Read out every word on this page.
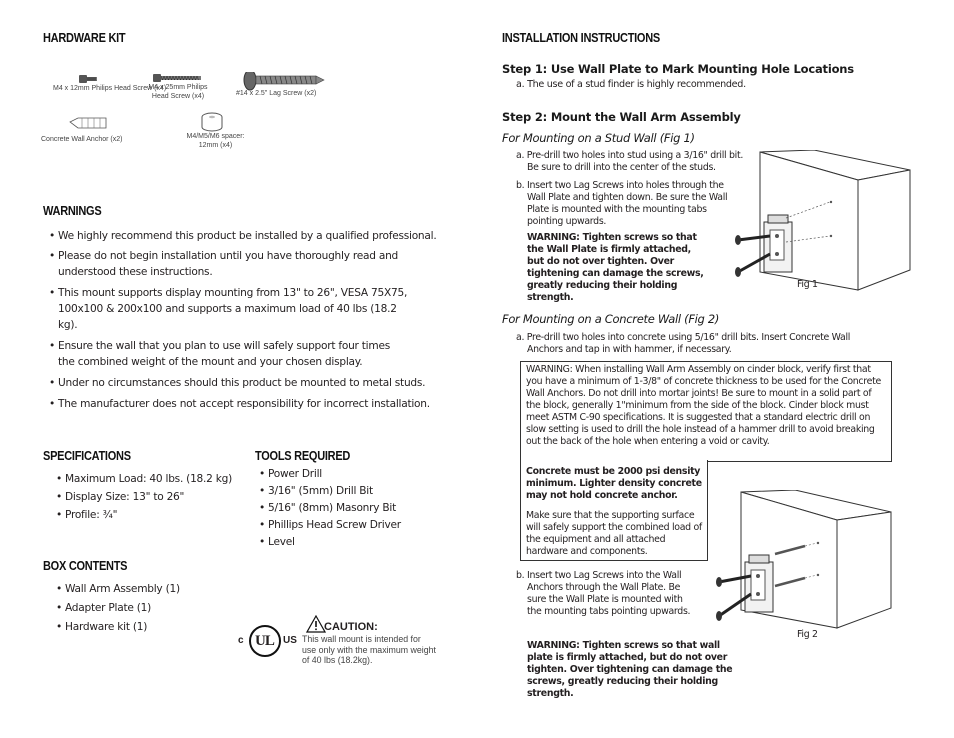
HARDWARE KIT
M4 x 12mm Philips Head Screw (x4)
M4 x 25mm Philips Head Screw (x4)	#14 x 2.5" Lag Screw (x2)
Concrete Wall Anchor (x2)	M4/M5/M6 spacer: 12mm (x4)
WARNINGS
• We highly recommend this product be installed by a qualified professional.
• Please do not begin installation until you have thoroughly read and understood these instructions.
• This mount supports display mounting from 13" to 26", VESA 75X75, 100x100 & 200x100 and supports a maximum load of 40 lbs (18.2 kg).
• Ensure the wall that you plan to use will safely support four times the combined weight of the mount and your chosen display.
• Under no circumstances should this product be mounted to metal studs.
• The manufacturer does not accept responsibility for incorrect installation.
SPECIFICATIONS
• Maximum Load: 40 lbs. (18.2 kg)
• Display Size: 13" to 26"
• Profile: ¾"
TOOLS REQUIRED
• Power Drill
• 3/16" (5mm) Drill Bit
• 5/16" (8mm) Masonry Bit
• Phillips Head Screw Driver
• Level
BOX CONTENTS
• Wall Arm Assembly (1)
• Adapter Plate (1)
• Hardware kit (1)
c UL US
CAUTION:
This wall mount is intended for use only with the maximum weight of 40 lbs (18.2kg).
INSTALLATION INSTRUCTIONS
Step 1: Use Wall Plate to Mark Mounting Hole Locations
a. The use of a stud finder is highly recommended.
Step 2: Mount the Wall Arm Assembly
For Mounting on a Stud Wall (Fig 1)
a. Pre-drill two holes into stud using a 3/16" drill bit. Be sure to drill into the center of the studs.
b. Insert two Lag Screws into holes through the Wall Plate and tighten down. Be sure the Wall Plate is mounted with the mounting tabs pointing upwards.
WARNING: Tighten screws so that the Wall Plate is firmly attached, but do not over tighten. Over tightening can damage the screws, greatly reducing their holding strength.
Fig 1
For Mounting on a Concrete Wall (Fig 2)
a. Pre-drill two holes into concrete using 5/16" drill bits. Insert Concrete Wall Anchors and tap in with hammer, if necessary.
WARNING: When installing Wall Arm Assembly on cinder block, verify first that you have a minimum of 1-3/8" of concrete thickness to be used for the Concrete Wall Anchors. Do not drill into mortar joints! Be sure to mount in a solid part of the block, generally 1"minimum from the side of the block. Cinder block must meet ASTM C-90 specifications. It is suggested that a standard electric drill on slow setting is used to drill the hole instead of a hammer drill to avoid breaking out the back of the hole when entering a void or cavity.
Concrete must be 2000 psi density minimum. Lighter density concrete may not hold concrete anchor.
Make sure that the supporting surface will safely support the combined load of the equipment and all attached hardware and components.
b. Insert two Lag Screws into the Wall Anchors through the Wall Plate. Be sure the Wall Plate is mounted with the mounting tabs pointing upwards.
Fig 2
WARNING: Tighten screws so that wall plate is firmly attached, but do not over tighten. Over tightening can damage the screws, greatly reducing their holding strength.
